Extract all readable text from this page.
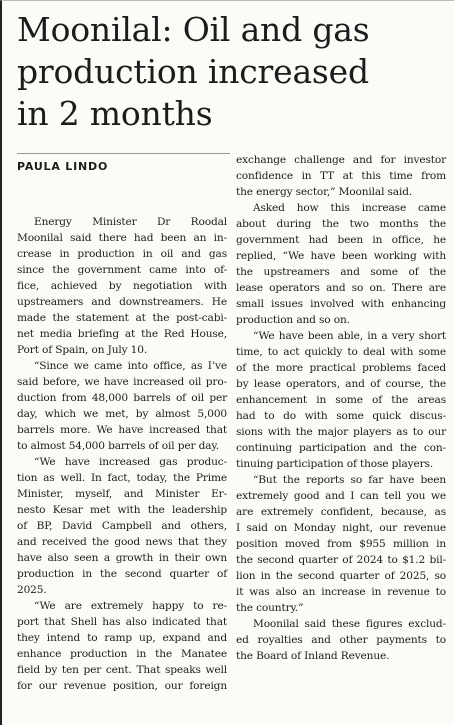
Moonilal: Oil and gas
production increased
in 2 months

PAULA LINDO

Energy Minister Dr Roodal

Moonilal said there had been an in-

crease in production in oil and gas

since the government came into of-

fice, achieved by negotiation with

upstreamers and downstreamers. He

made the statement at the post-cabi-

net media briefing at the Red House,

Port of Spain, on July 10.

“Since we came into office, as I’ve

said before, we have increased oil pro-

duction from 48,000 barrels of oil per

day, which we met, by almost 5,000

barrels more. We have increased that

to almost 54,000 barrels of oil per day.

“We have increased gas produc-

tion as well. In fact, today, the Prime

Minister, myself, and Minister Er-

nesto Kesar met with the leadership

of BP, David Campbell and others,

and received the good news that they

have also seen a growth in their own

production in the second quarter of

2025.

“We are extremely happy to re-

port that Shell has also indicated that

they intend to ramp up, expand and

enhance production in the Manatee

field by ten per cent. That speaks well

for our revenue position, our foreign

exchange challenge and for investor

confidence in TT at this time from

the energy sector,” Moonilal said.

Asked how this increase came

about during the two months the

government had been in office, he

replied, “We have been working with

the upstreamers and some of the

lease operators and so on. There are

small issues involved with enhancing

production and so on.

“We have been able, in a very short

time, to act quickly to deal with some

of the more practical problems faced

by lease operators, and of course, the

enhancement in some of the areas

had to do with some quick discus-

sions with the major players as to our

continuing participation and the con-

tinuing participation of those players.

“But the reports so far have been

extremely good and I can tell you we

are extremely confident, because, as

I said on Monday night, our revenue

position moved from $955 million in

the second quarter of 2024 to $1.2 bil-

lion in the second quarter of 2025, so

it was also an increase in revenue to

the country.”

Moonilal said these figures exclud-

ed royalties and other payments to

the Board of Inland Revenue.
